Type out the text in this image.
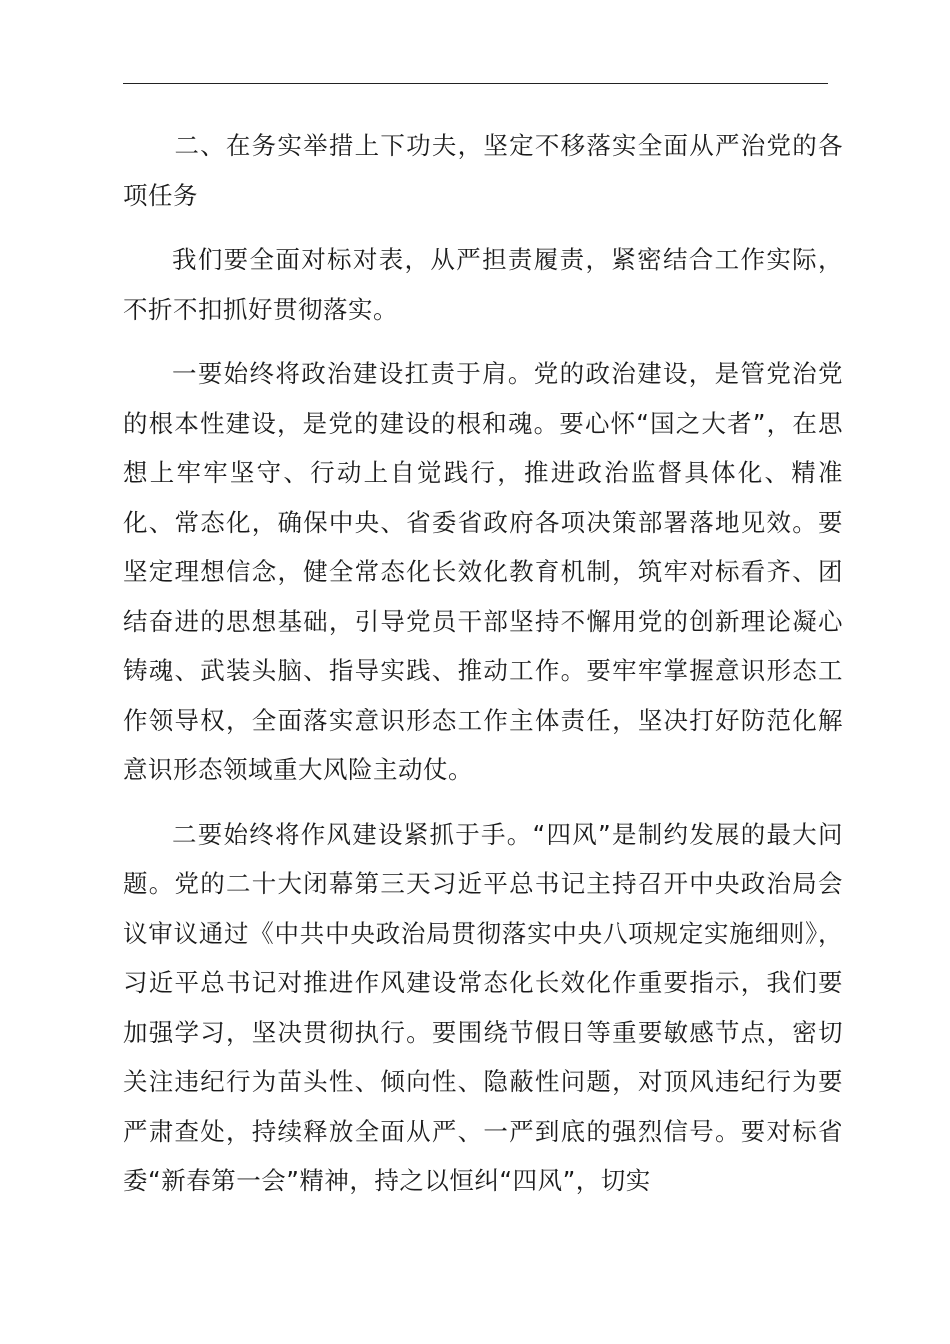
二、在务实举措上下功夫，坚定不移落实全面从严治党的各项任务

我们要全面对标对表，从严担责履责，紧密结合工作实际，不折不扣抓好贯彻落实。

一要始终将政治建设扛责于肩。党的政治建设，是管党治党的根本性建设，是党的建设的根和魂。要心怀“国之大者”，在思想上牢牢坚守、行动上自觉践行，推进政治监督具体化、精准化、常态化，确保中央、省委省政府各项决策部署落地见效。要坚定理想信念，健全常态化长效化教育机制，筑牢对标看齐、团结奋进的思想基础，引导党员干部坚持不懈用党的创新理论凝心铸魂、武装头脑、指导实践、推动工作。要牢牢掌握意识形态工作领导权，全面落实意识形态工作主体责任，坚决打好防范化解意识形态领域重大风险主动仗。

二要始终将作风建设紧抓于手。“四风”是制约发展的最大问题。党的二十大闭幕第三天习近平总书记主持召开中央政治局会议审议通过《中共中央政治局贯彻落实中央八项规定实施细则》，习近平总书记对推进作风建设常态化长效化作重要指示，我们要加强学习，坚决贯彻执行。要围绕节假日等重要敏感节点，密切关注违纪行为苗头性、倾向性、隐蔽性问题，对顶风违纪行为要严肃查处，持续释放全面从严、一严到底的强烈信号。要对标省委“新春第一会”精神，持之以恒纠“四风”，切实
